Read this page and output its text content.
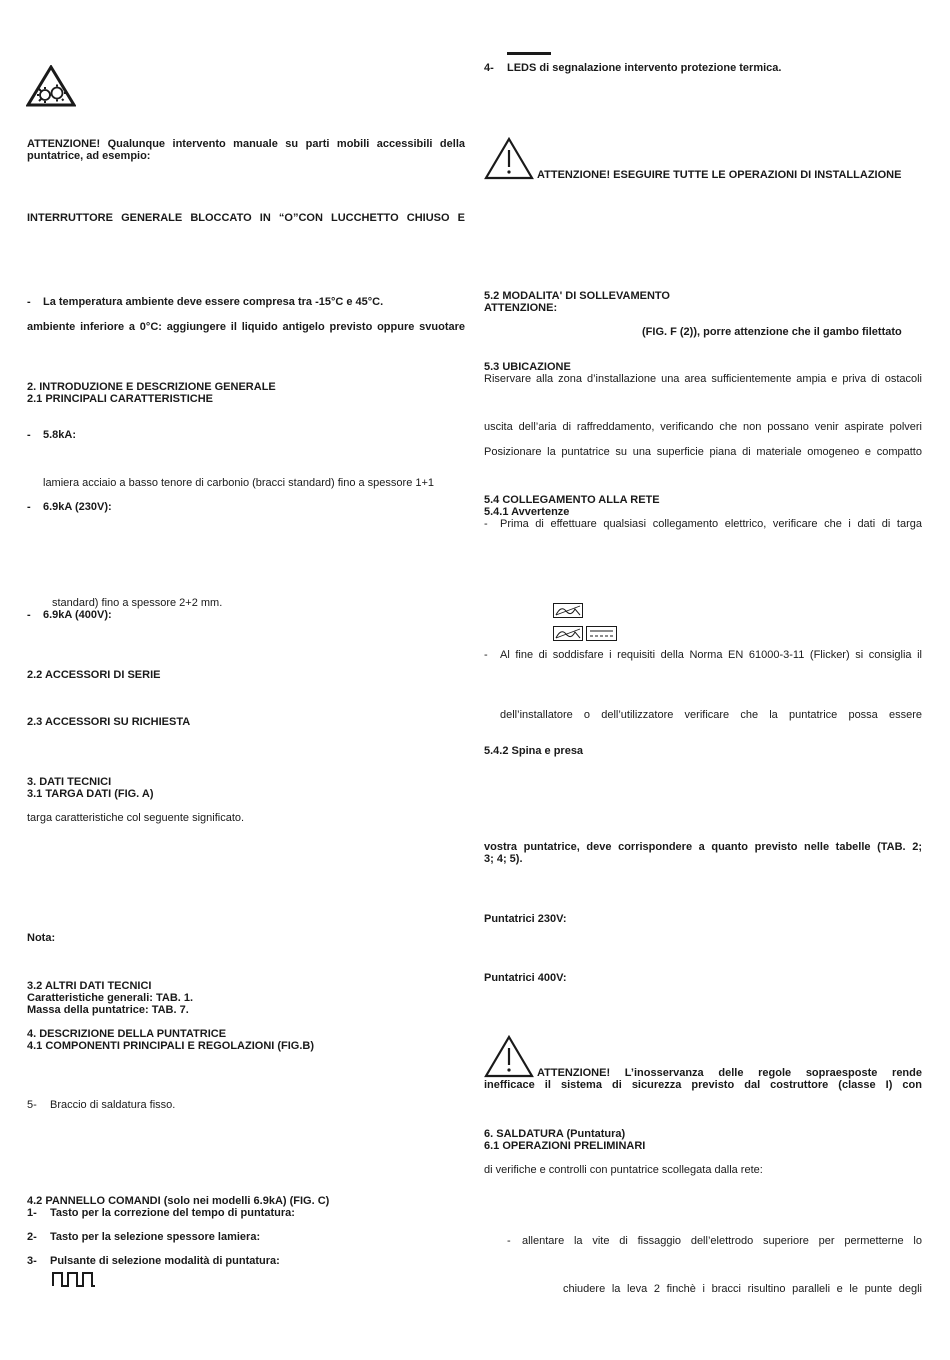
ATTENZIONE! Qualunque intervento manuale su parti mobili accessibili della
puntatrice, ad esempio:
INTERRUTTORE GENERALE BLOCCATO IN “O”CON LUCCHETTO CHIUSO E
- La temperatura ambiente deve essere compresa tra -15°C e 45°C.
ambiente inferiore a 0°C: aggiungere il liquido antigelo previsto oppure svuotare
2. INTRODUZIONE E DESCRIZIONE GENERALE
2.1 PRINCIPALI CARATTERISTICHE
- 5.8kA:
lamiera acciaio a basso tenore di carbonio (bracci standard) fino a spessore 1+1
- 6.9kA (230V):
standard) fino a spessore 2+2 mm.
- 6.9kA (400V):
2.2 ACCESSORI DI SERIE
2.3 ACCESSORI SU RICHIESTA
3. DATI TECNICI
3.1 TARGA DATI (FIG. A)
targa caratteristiche col seguente significato.
Nota:
3.2 ALTRI DATI TECNICI
Caratteristiche generali: TAB. 1.
Massa della puntatrice: TAB. 7.
4. DESCRIZIONE DELLA PUNTATRICE
4.1 COMPONENTI PRINCIPALI E REGOLAZIONI (FIG.B)
5- Braccio di saldatura fisso.
4.2 PANNELLO COMANDI (solo nei modelli 6.9kA) (FIG. C)
1- Tasto per la correzione del tempo di puntatura:
2- Tasto per la selezione spessore lamiera:
3- Pulsante di selezione modalità di puntatura:
4- LEDS di segnalazione intervento protezione termica.
ATTENZIONE! ESEGUIRE TUTTE LE OPERAZIONI DI INSTALLAZIONE
5.2 MODALITA' DI SOLLEVAMENTO
ATTENZIONE:
(FIG. F (2)), porre attenzione che il gambo filettato
5.3 UBICAZIONE
Riservare alla zona d’installazione una area sufficientemente ampia e priva di ostacoli
uscita dell’aria di raffreddamento, verificando che non possano venir aspirate polveri
Posizionare la puntatrice su una superficie piana di materiale omogeneo e compatto
5.4 COLLEGAMENTO ALLA RETE
5.4.1 Avvertenze
- Prima di effettuare qualsiasi collegamento elettrico, verificare che i dati di targa
- Al fine di soddisfare i requisiti della Norma EN 61000-3-11 (Flicker) si consiglia il
dell’installatore o dell’utilizzatore verificare che la puntatrice possa essere
5.4.2 Spina e presa
vostra puntatrice, deve corrispondere a quanto previsto nelle tabelle (TAB. 2;
3; 4; 5).
Puntatrici 230V:
Puntatrici 400V:
ATTENZIONE! L’inosservanza delle regole sopraesposte rende
inefficace il sistema di sicurezza previsto dal costruttore (classe I) con
6. SALDATURA (Puntatura)
6.1 OPERAZIONI PRELIMINARI
di verifiche e controlli con puntatrice scollegata dalla rete:
- allentare la vite di fissaggio dell’elettrodo superiore per permetterne lo
chiudere la leva 2 finchè i bracci risultino paralleli e le punte degli
